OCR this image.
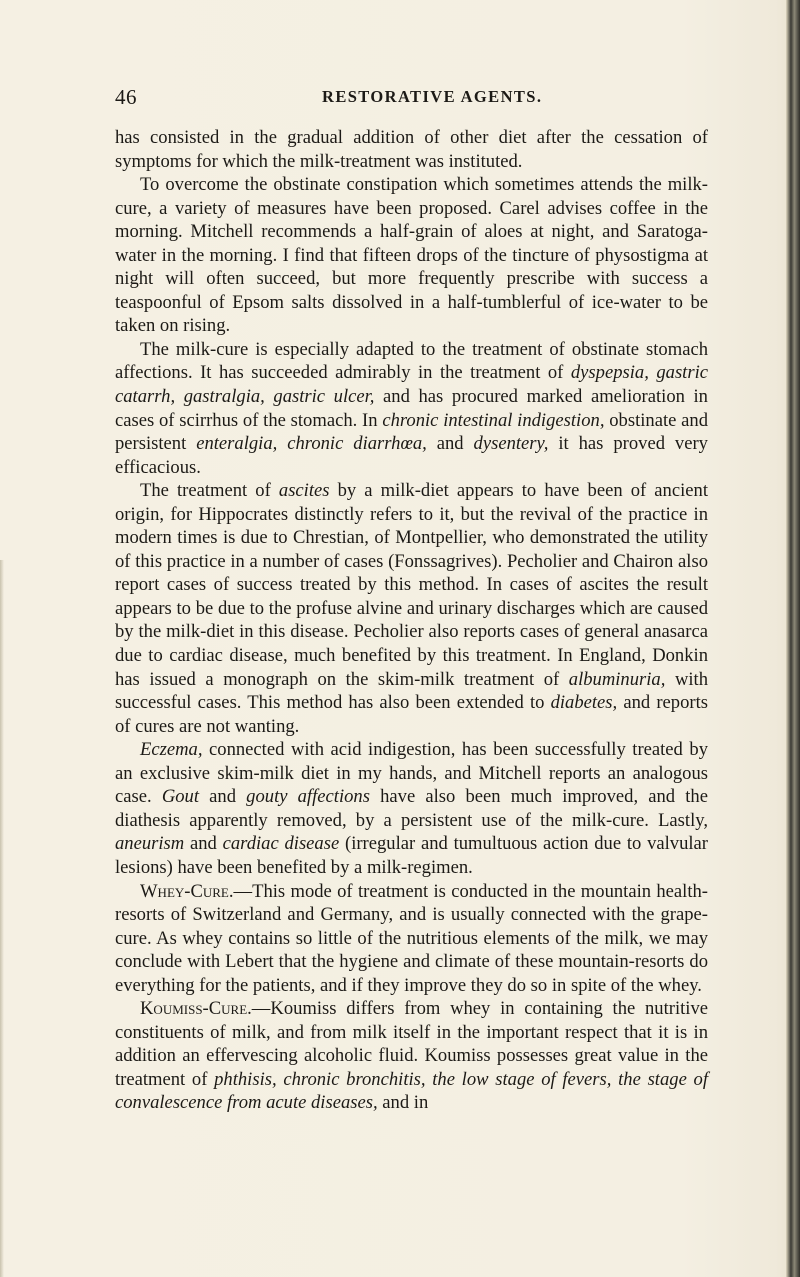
46	RESTORATIVE AGENTS.

has consisted in the gradual addition of other diet after the cessation of symptoms for which the milk-treatment was instituted.

To overcome the obstinate constipation which sometimes attends the milk-cure, a variety of measures have been proposed. Carel advises coffee in the morning. Mitchell recommends a half-grain of aloes at night, and Saratoga-water in the morning. I find that fifteen drops of the tincture of physostigma at night will often succeed, but more frequently prescribe with success a teaspoonful of Epsom salts dissolved in a half-tumblerful of ice-water to be taken on rising.

The milk-cure is especially adapted to the treatment of obstinate stomach affections. It has succeeded admirably in the treatment of dyspepsia, gastric catarrh, gastralgia, gastric ulcer, and has procured marked amelioration in cases of scirrhus of the stomach. In chronic intestinal indigestion, obstinate and persistent enteralgia, chronic diarrhœa, and dysentery, it has proved very efficacious.

The treatment of ascites by a milk-diet appears to have been of ancient origin, for Hippocrates distinctly refers to it, but the revival of the practice in modern times is due to Chrestian, of Montpellier, who demonstrated the utility of this practice in a number of cases (Fonssagrives). Pecholier and Chairon also report cases of success treated by this method. In cases of ascites the result appears to be due to the profuse alvine and urinary discharges which are caused by the milk-diet in this disease. Pecholier also reports cases of general anasarca due to cardiac disease, much benefited by this treatment. In England, Donkin has issued a monograph on the skim-milk treatment of albuminuria, with successful cases. This method has also been extended to diabetes, and reports of cures are not wanting.

Eczema, connected with acid indigestion, has been successfully treated by an exclusive skim-milk diet in my hands, and Mitchell reports an analogous case. Gout and gouty affections have also been much improved, and the diathesis apparently removed, by a persistent use of the milk-cure. Lastly, aneurism and cardiac disease (irregular and tumultuous action due to valvular lesions) have been benefited by a milk-regimen.

Whey-Cure.—This mode of treatment is conducted in the mountain health-resorts of Switzerland and Germany, and is usually connected with the grape-cure. As whey contains so little of the nutritious elements of the milk, we may conclude with Lebert that the hygiene and climate of these mountain-resorts do everything for the patients, and if they improve they do so in spite of the whey.

Koumiss-Cure.—Koumiss differs from whey in containing the nutritive constituents of milk, and from milk itself in the important respect that it is in addition an effervescing alcoholic fluid. Koumiss possesses great value in the treatment of phthisis, chronic bronchitis, the low stage of fevers, the stage of convalescence from acute diseases, and in
